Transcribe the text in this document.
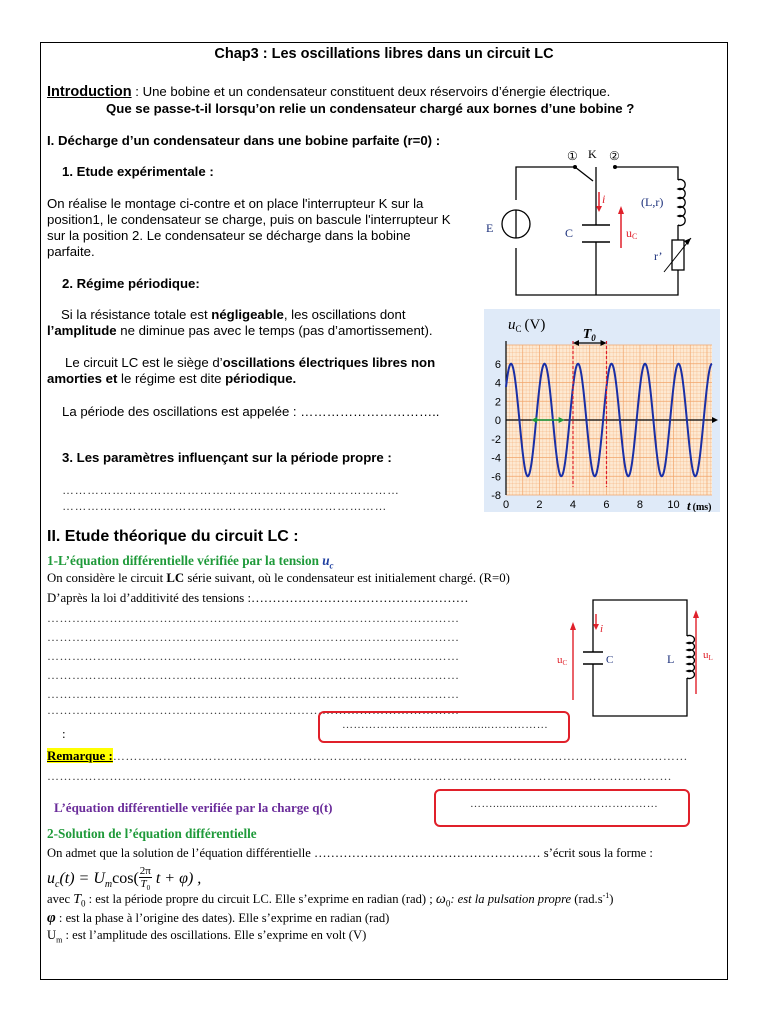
Chap3 : Les oscillations libres dans un circuit LC
Introduction : Une bobine et un condensateur constituent deux réservoirs d’énergie électrique.
Que se passe-t-il lorsqu’on relie un condensateur chargé aux bornes d’une bobine ?
I. Décharge d’un condensateur dans une bobine parfaite (r=0) :
1. Etude expérimentale :
On réalise le montage ci-contre et on place l'interrupteur K sur la position1, le condensateur se charge, puis on bascule l'interrupteur K sur la position 2. Le condensateur se décharge dans la bobine parfaite.
2. Régime périodique:
Si la résistance totale est négligeable, les oscillations dont l’amplitude ne diminue pas avec le temps (pas d’amortissement).
Le circuit LC est le siège d’oscillations électriques libres non amorties et le régime est dite périodique.
La période des oscillations est appelée : …………………………..
3. Les paramètres influençant sur la période propre :
………………………………………………………………………
……………………………………………………………………
① K ②
E	C
i
uC
(L,r)
r’
6
4
2
0
-2
-4
-6
-8
0 2 4 6 8 10
$T_0$
$u_C$ (V)
t (ms)
II. Etude théorique du circuit LC :
1-L’équation différentielle vérifiée par la tension $u_c$
On considère le circuit LC série suivant, où le condensateur est initialement chargé. (R=0)
D’après la loi d’additivité des tensions :……………………………………………
………………………………………………………………………………………
………………………………………………………………………………………
………………………………………………………………………………………
………………………………………………………………………………………
………………………………………………………………………………………
………………………………………………………………………………………
:
………………….....................……………
Remarque :…………………………………………………………………………………………………………………………
……………………………………………………………………………………………………………………………………
L’équation différentielle verifiée par la charge q(t)	……...................………………………
2-Solution de l’équation différentielle
On admet que la solution de l’équation différentielle ……………………………………………… s’écrit sous la forme :
$u_c(t) = U_m\cos( \frac{2\pi}{T_0}$ t + φ) ,
avec $T_0$ : est la période propre du circuit LC. Elle s’exprime en radian (rad) ; $\omega_0$: est la pulsation propre $(rad.s^{-1})$
φ : est la phase à l’origine des dates). Elle s’exprime en radian (rad)
$U_m$ : est l’amplitude des oscillations. Elle s’exprime en volt (V)
uC	C
i
L	uL
